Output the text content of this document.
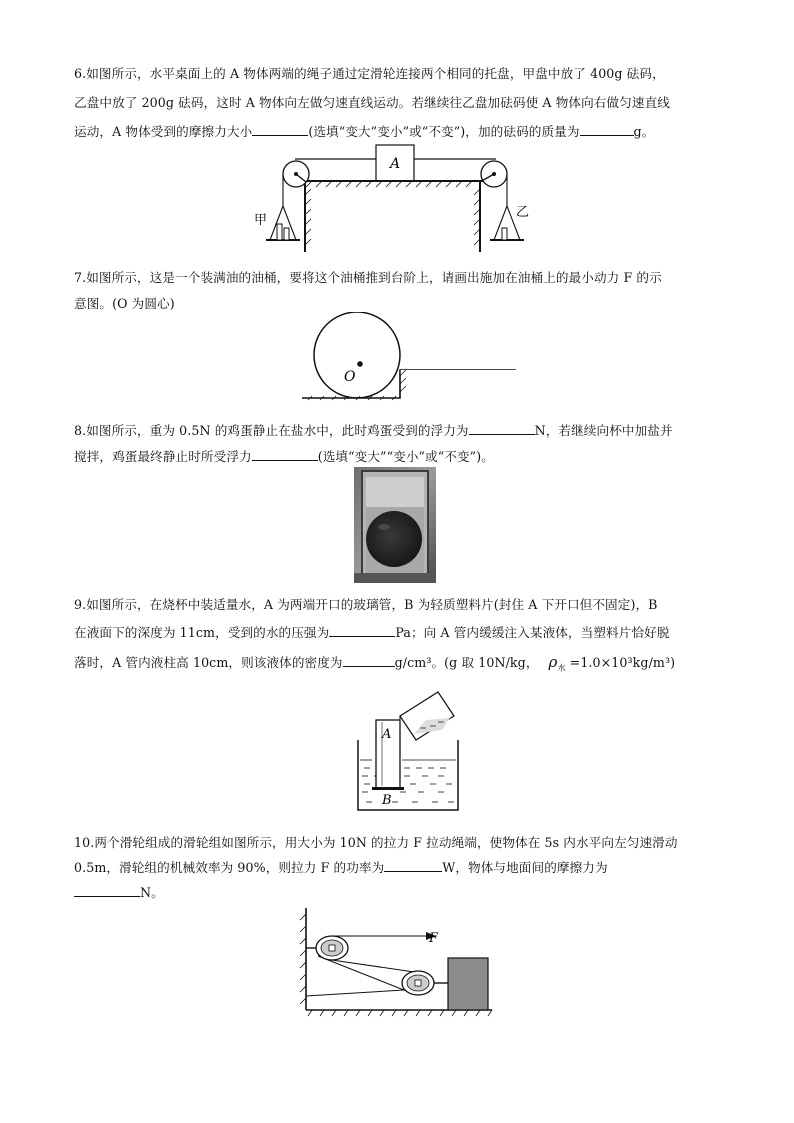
6.如图所示，水平桌面上的 A 物体两端的绳子通过定滑轮连接两个相同的托盘，甲盘中放了 400g 砝码，
乙盘中放了 200g 砝码，这时 A 物体向左做匀速直线运动。若继续往乙盘加砝码使 A 物体向右做匀速直线
运动，A 物体受到的摩擦力大小	(选填“变大”变小”或“不变”)，加的砝码的质量为	g。
A
甲
乙
7.如图所示，这是一个装满油的油桶，要将这个油桶推到台阶上，请画出施加在油桶上的最小动力 F 的示
意图。(O 为圆心)
O
8.如图所示，重为 0.5N 的鸡蛋静止在盐水中，此时鸡蛋受到的浮力为	N，若继续向杯中加盐并
搅拌，鸡蛋最终静止时所受浮力	(选填“变大”“变小”或“不变”)。
9.如图所示，在烧杯中装适量水，A 为两端开口的玻璃管，B 为轻质塑料片(封住 A 下开口但不固定)，B
在液面下的深度为 11cm，受到的水的压强为	Pa；向 A 管内缓缓注入某液体，当塑料片恰好脱
落时，A 管内液柱高 10cm，则该液体的密度为	g/cm³。(g 取 10N/kg， $\rho_水 =1.0\times 10^3kg/m^3$)
A
B
10.两个滑轮组成的滑轮组如图所示，用大小为 10N 的拉力 F 拉动绳端，使物体在 5s 内水平向左匀速滑动
0.5m，滑轮组的机械效率为 90%，则拉力 F 的功率为	W，物体与地面间的摩擦力为
N。
F
